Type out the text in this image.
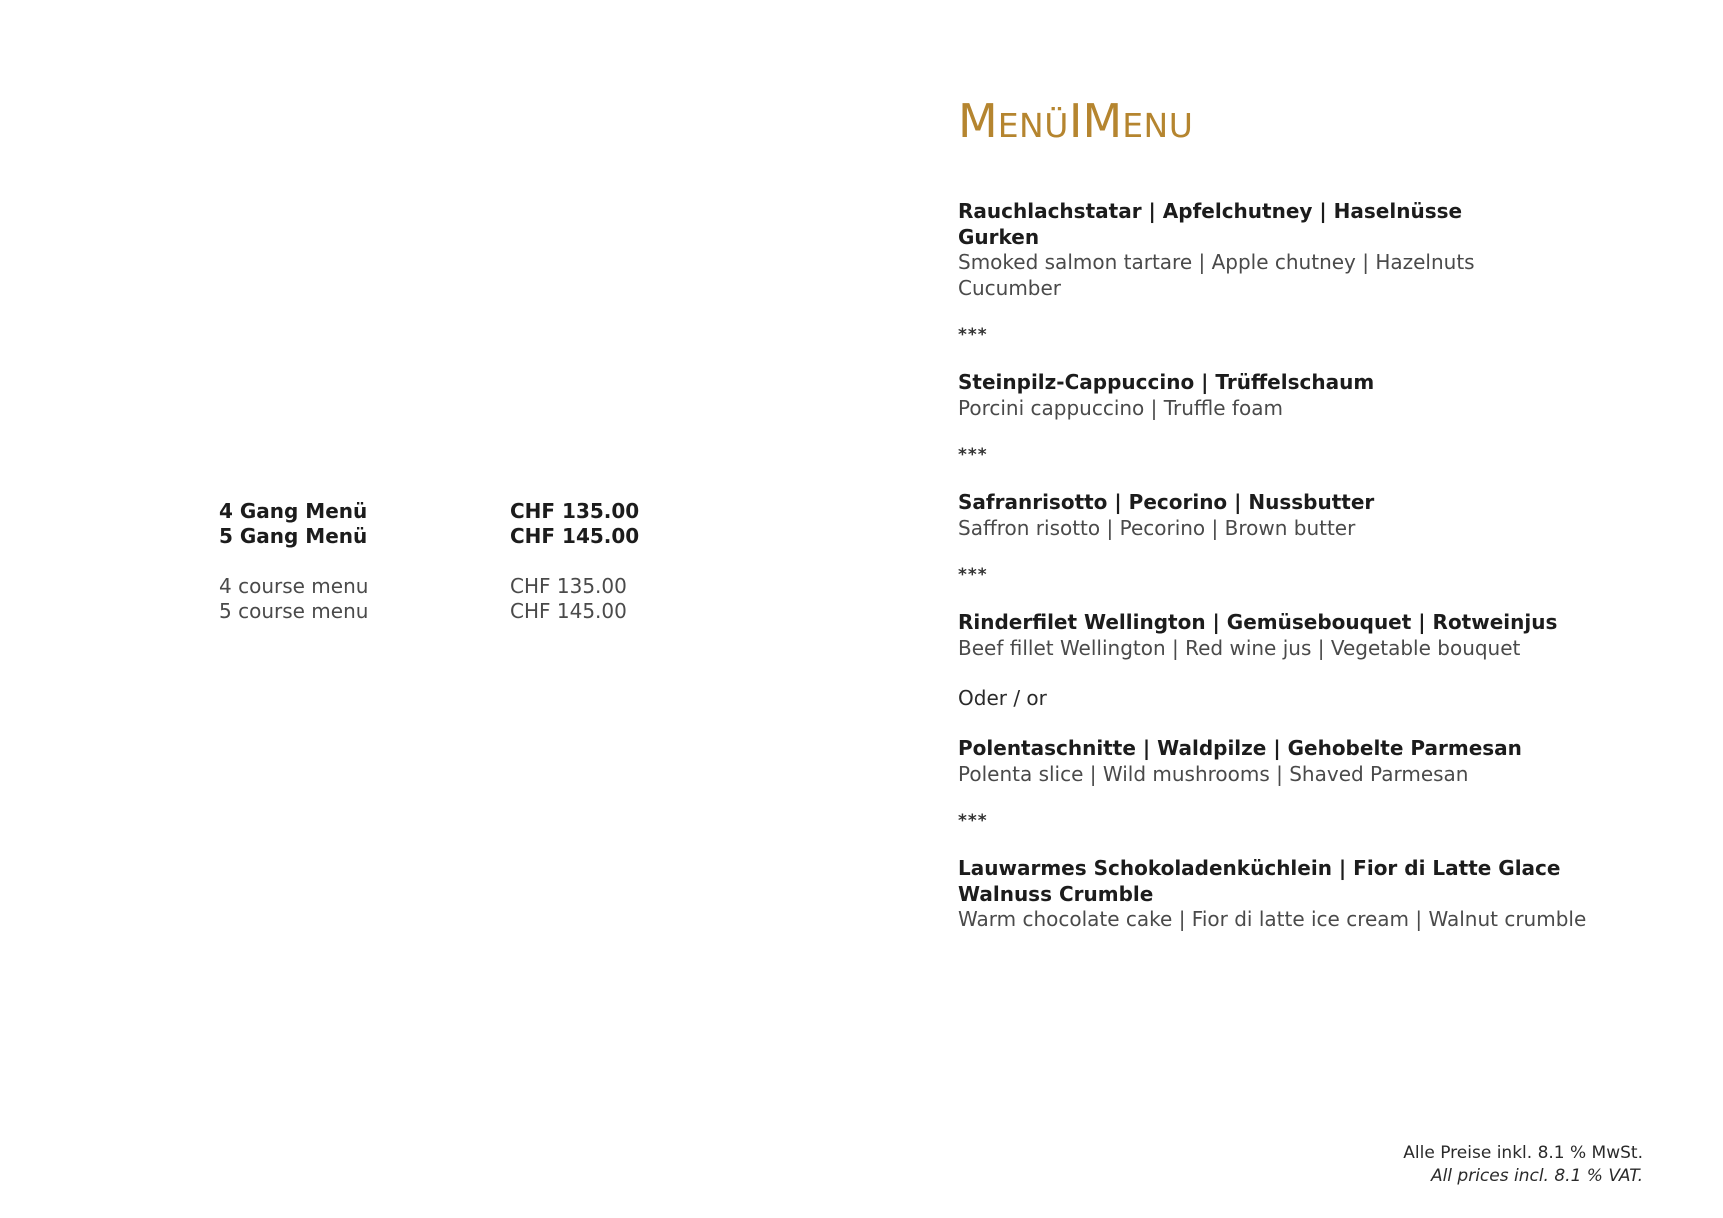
4 Gang Menü	CHF 135.00
5 Gang Menü	CHF 145.00
4 course menu	CHF 135.00
5 course menu	CHF 145.00
MENÜIMENU
Rauchlachstatar | Apfelchutney | Haselnüsse
Gurken
Smoked salmon tartare | Apple chutney | Hazelnuts
Cucumber
***
Steinpilz-Cappuccino | Trüffelschaum
Porcini cappuccino | Truffle foam
***
Safranrisotto | Pecorino | Nussbutter
Saffron risotto | Pecorino | Brown butter
***
Rinderfilet Wellington | Gemüsebouquet | Rotweinjus
Beef fillet Wellington | Red wine jus | Vegetable bouquet
Oder / or
Polentaschnitte | Waldpilze | Gehobelte Parmesan
Polenta slice | Wild mushrooms | Shaved Parmesan
***
Lauwarmes Schokoladenküchlein | Fior di Latte Glace
Walnuss Crumble
Warm chocolate cake | Fior di latte ice cream | Walnut crumble
Alle Preise inkl. 8.1 % MwSt.
All prices incl. 8.1 % VAT.
